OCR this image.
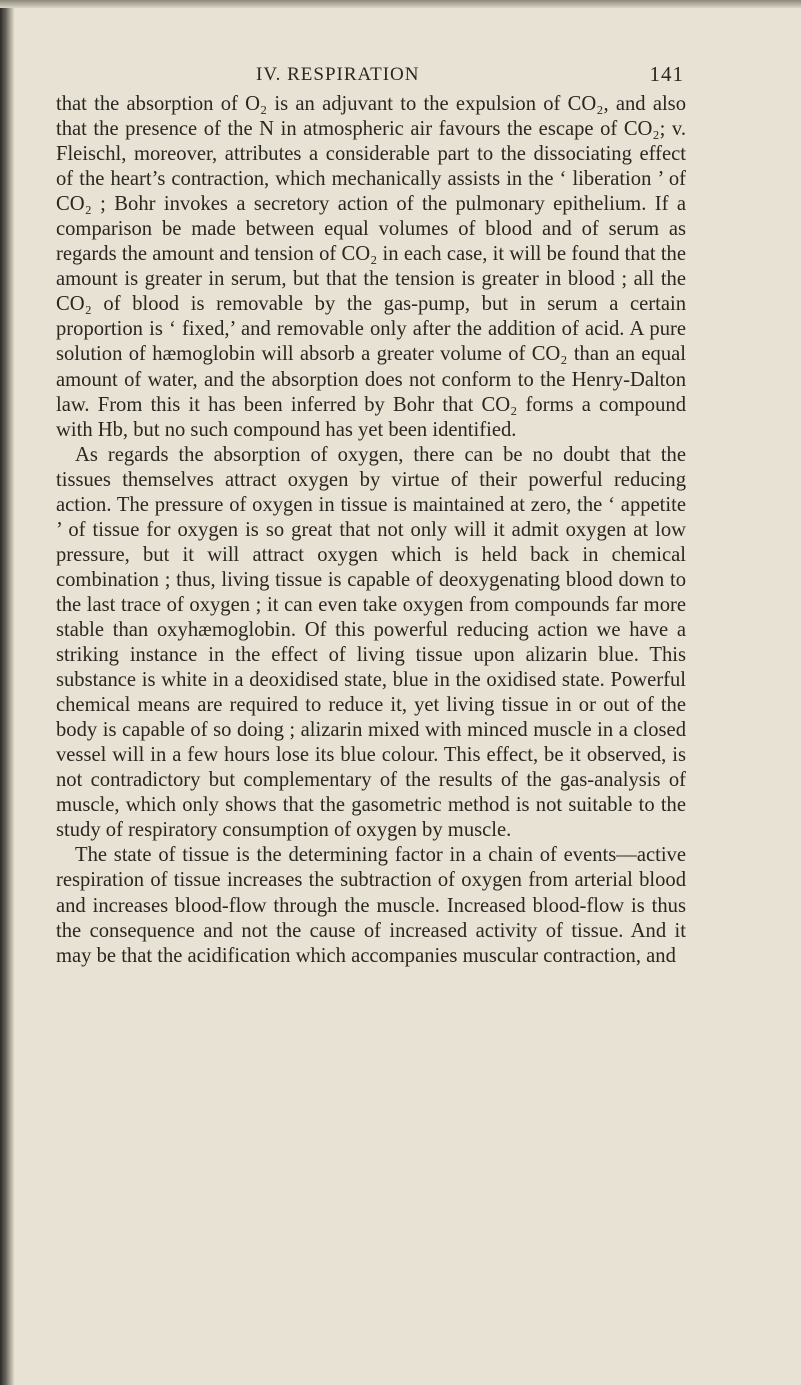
IV. RESPIRATION	141

that the absorption of O₂ is an adjuvant to the expulsion of CO₂, and also that the presence of the N in atmospheric air favours the escape of CO₂; v. Fleischl, moreover, attributes a considerable part to the dissociating effect of the heart’s contraction, which mechanically assists in the ‘ liberation ’ of CO₂ ; Bohr invokes a secretory action of the pulmonary epithelium. If a comparison be made between equal volumes of blood and of serum as regards the amount and tension of CO₂ in each case, it will be found that the amount is greater in serum, but that the tension is greater in blood ; all the CO₂ of blood is removable by the gas-pump, but in serum a certain proportion is ‘ fixed,’ and removable only after the addition of acid. A pure solution of hæmoglobin will absorb a greater volume of CO₂ than an equal amount of water, and the absorption does not conform to the Henry-Dalton law. From this it has been inferred by Bohr that CO₂ forms a compound with Hb, but no such compound has yet been identified.

As regards the absorption of oxygen, there can be no doubt that the tissues themselves attract oxygen by virtue of their powerful reducing action. The pressure of oxygen in tissue is maintained at zero, the ‘ appetite ’ of tissue for oxygen is so great that not only will it admit oxygen at low pressure, but it will attract oxygen which is held back in chemical combination ; thus, living tissue is capable of deoxygenating blood down to the last trace of oxygen ; it can even take oxygen from compounds far more stable than oxyhæmoglobin. Of this powerful reducing action we have a striking instance in the effect of living tissue upon alizarin blue. This substance is white in a deoxidised state, blue in the oxidised state. Powerful chemical means are required to reduce it, yet living tissue in or out of the body is capable of so doing ; alizarin mixed with minced muscle in a closed vessel will in a few hours lose its blue colour. This effect, be it observed, is not contradictory but complementary of the results of the gas-analysis of muscle, which only shows that the gasometric method is not suitable to the study of respiratory consumption of oxygen by muscle.

The state of tissue is the determining factor in a chain of events—active respiration of tissue increases the subtraction of oxygen from arterial blood and increases blood-flow through the muscle. Increased blood-flow is thus the consequence and not the cause of increased activity of tissue. And it may be that the acidification which accompanies muscular contraction, and
